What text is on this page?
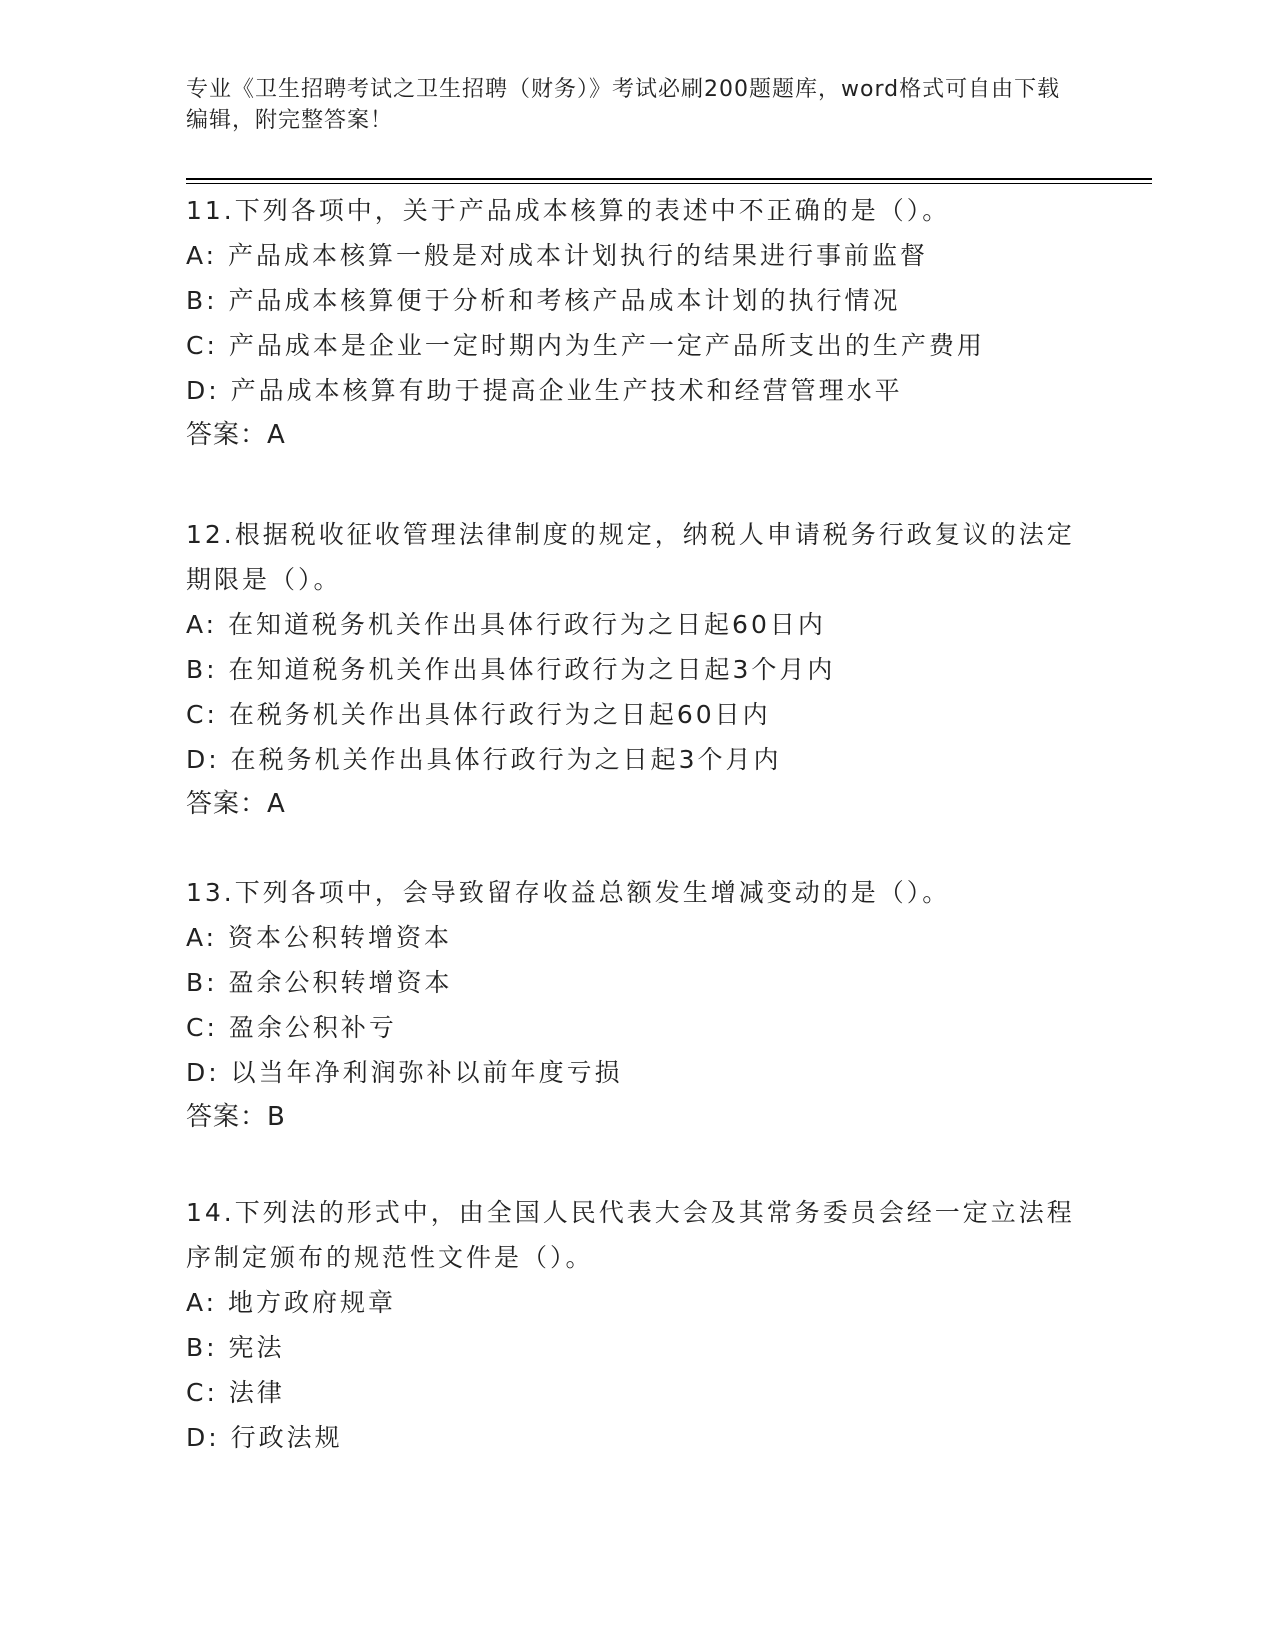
专业《卫生招聘考试之卫生招聘（财务）》考试必刷200题题库，word格式可自由下载编辑，附完整答案！

11.下列各项中，关于产品成本核算的表述中不正确的是（）。

A: 产品成本核算一般是对成本计划执行的结果进行事前监督

B: 产品成本核算便于分析和考核产品成本计划的执行情况

C: 产品成本是企业一定时期内为生产一定产品所支出的生产费用

D: 产品成本核算有助于提高企业生产技术和经营管理水平

答案：A

12.根据税收征收管理法律制度的规定，纳税人申请税务行政复议的法定期限是（）。

A: 在知道税务机关作出具体行政行为之日起60日内

B: 在知道税务机关作出具体行政行为之日起3个月内

C: 在税务机关作出具体行政行为之日起60日内

D: 在税务机关作出具体行政行为之日起3个月内

答案：A

13.下列各项中，会导致留存收益总额发生增减变动的是（）。

A: 资本公积转增资本

B: 盈余公积转增资本

C: 盈余公积补亏

D: 以当年净利润弥补以前年度亏损

答案：B

14.下列法的形式中，由全国人民代表大会及其常务委员会经一定立法程序制定颁布的规范性文件是（）。

A: 地方政府规章

B: 宪法

C: 法律

D: 行政法规
